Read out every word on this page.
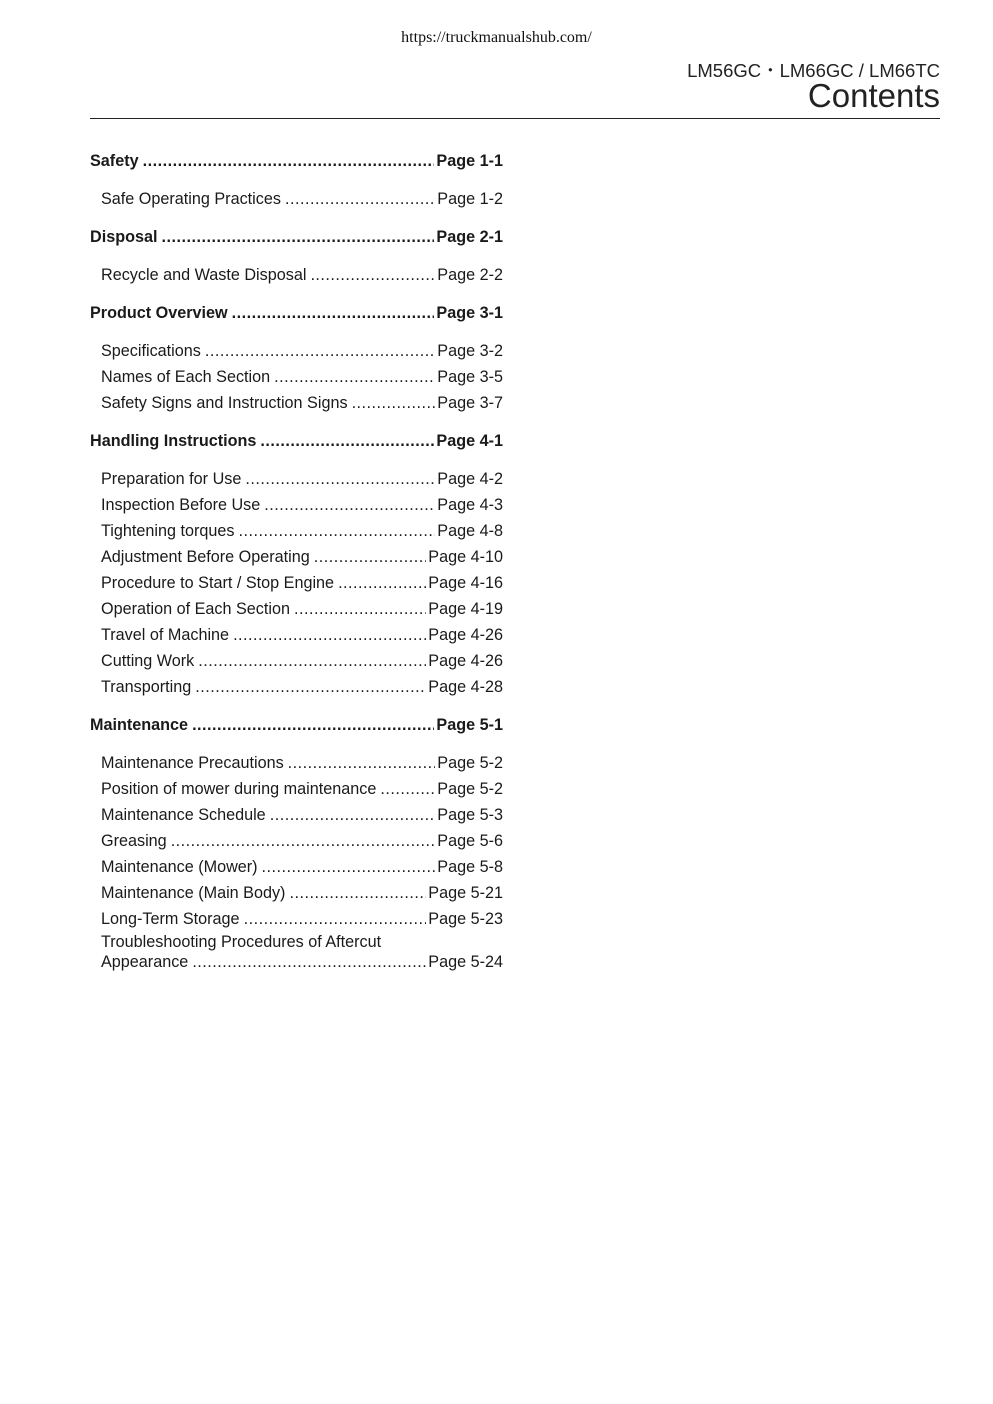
https://truckmanualshub.com/
LM56GC・LM66GC / LM66TC
Contents
Safety .....	Page 1-1
Safe Operating Practices .....	Page 1-2
Disposal .....	Page 2-1
Recycle and Waste Disposal .....	Page 2-2
Product Overview .....	Page 3-1
Specifications .....	Page 3-2
Names of Each Section .....	Page 3-5
Safety Signs and Instruction Signs .....	Page 3-7
Handling Instructions .....	Page 4-1
Preparation for Use .....	Page 4-2
Inspection Before Use .....	Page 4-3
Tightening torques .....	Page 4-8
Adjustment Before Operating .....	Page 4-10
Procedure to Start / Stop Engine .....	Page 4-16
Operation of Each Section .....	Page 4-19
Travel of Machine .....	Page 4-26
Cutting Work .....	Page 4-26
Transporting .....	Page 4-28
Maintenance .....	Page 5-1
Maintenance Precautions .....	Page 5-2
Position of mower during maintenance .....	Page 5-2
Maintenance Schedule .....	Page 5-3
Greasing .....	Page 5-6
Maintenance (Mower) .....	Page 5-8
Maintenance (Main Body) .....	Page 5-21
Long-Term Storage .....	Page 5-23
Troubleshooting Procedures of Aftercut
Appearance .....	Page 5-24
